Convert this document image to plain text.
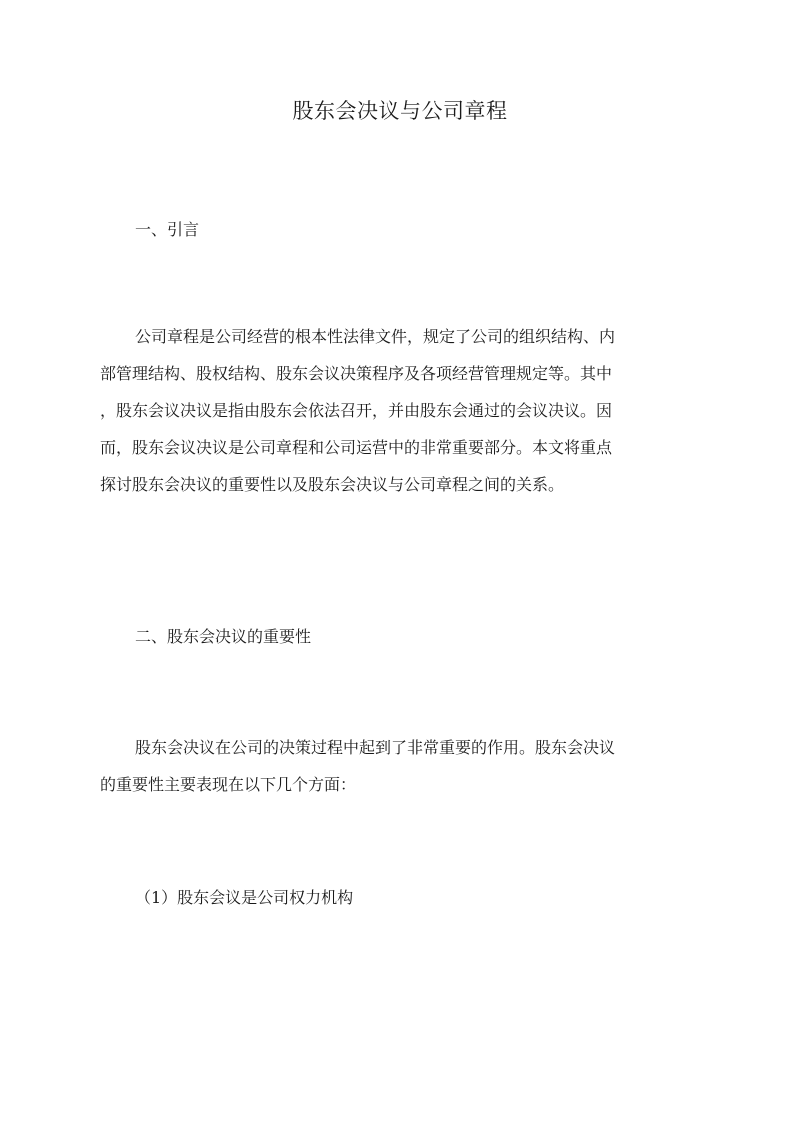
股东会决议与公司章程
一、引言
公司章程是公司经营的根本性法律文件，规定了公司的组织结构、内
部管理结构、股权结构、股东会议决策程序及各项经营管理规定等。其中
，股东会议决议是指由股东会依法召开，并由股东会通过的会议决议。因
而，股东会议决议是公司章程和公司运营中的非常重要部分。本文将重点
探讨股东会决议的重要性以及股东会决议与公司章程之间的关系。
二、股东会决议的重要性
股东会决议在公司的决策过程中起到了非常重要的作用。股东会决议
的重要性主要表现在以下几个方面：
（1）股东会议是公司权力机构
